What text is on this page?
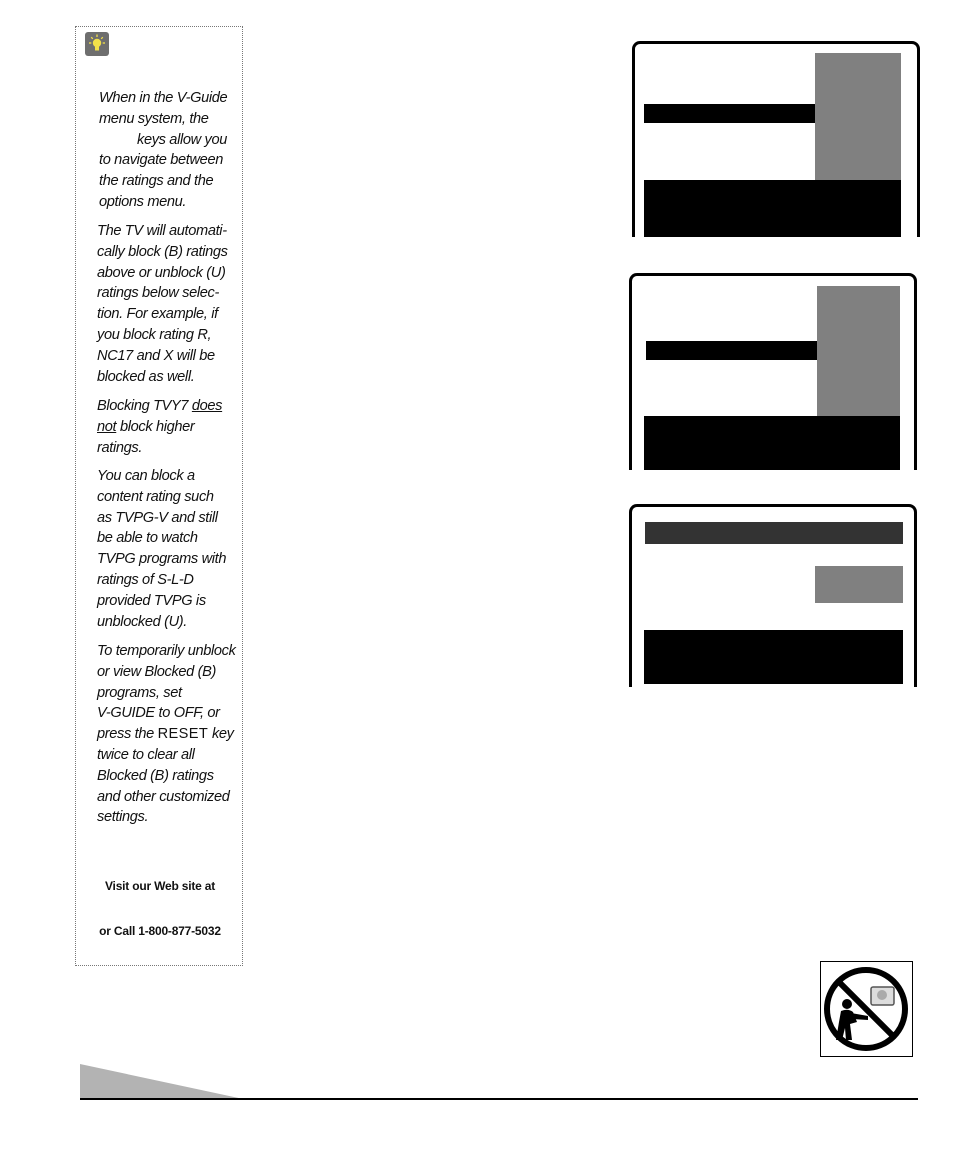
When in the V-Guide

menu system, the

keys allow you

to navigate between

the ratings and the

options menu.

The TV will automati-

cally block (B) ratings

above or unblock (U)

ratings below selec-

tion. For example, if

you block rating R,

NC17 and X will be

blocked as well.

Blocking TVY7 does

not block higher

ratings.

You can block a

content rating such

as TVPG-V and still

be able to watch

TVPG programs with

ratings of S-L-D

provided TVPG is

unblocked (U).

To temporarily unblock

or view Blocked (B)

programs, set

V-GUIDE to OFF, or

press the RESET key

twice to clear all

Blocked (B) ratings

and other customized

settings.

Visit our Web site at
or Call 1-800-877-5032
